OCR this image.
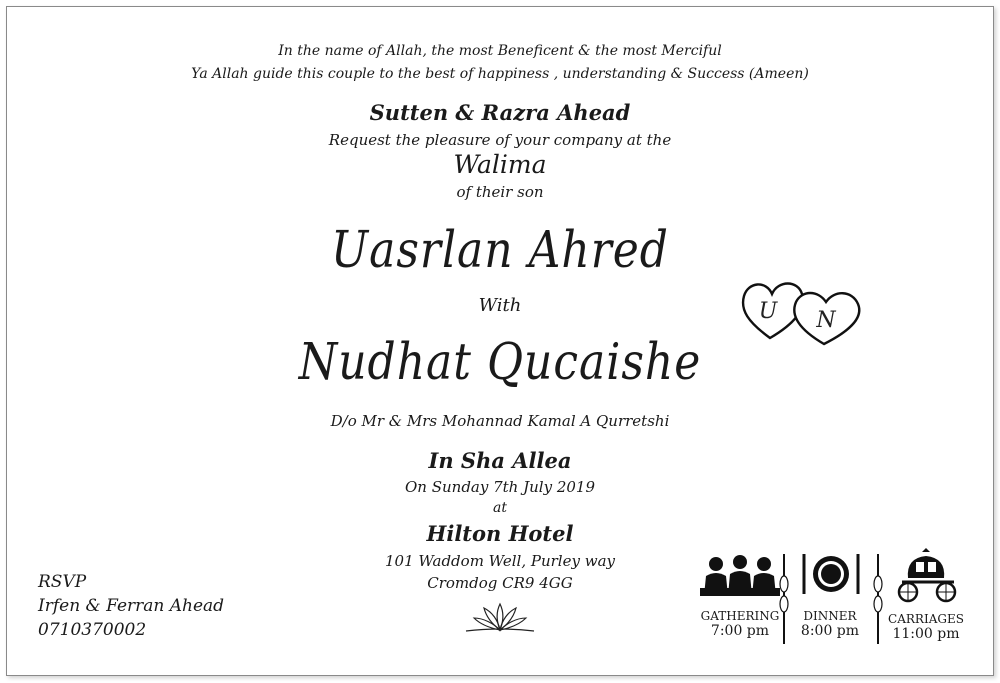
In the name of Allah, the most Beneficent & the most Merciful
Ya Allah guide this couple to the best of happiness , understanding & Success (Ameen)
Sutten & Razra Ahead
Request the pleasure of your company at the
Walima
of their son
Uasrlan Ahred
With
Nudhat Qucaishe
D/o Mr & Mrs Mohannad Kamal A Qurretshi
In Sha Allea
On Sunday 7th July 2019
at
Hilton Hotel
101 Waddom Well, Purley way
Cromdog CR9 4GG
U N
RSVP
Irfen & Ferran Ahead
0710370002
GATHERING
7:00 pm
DINNER
8:00 pm
CARRIAGES
11:00 pm
